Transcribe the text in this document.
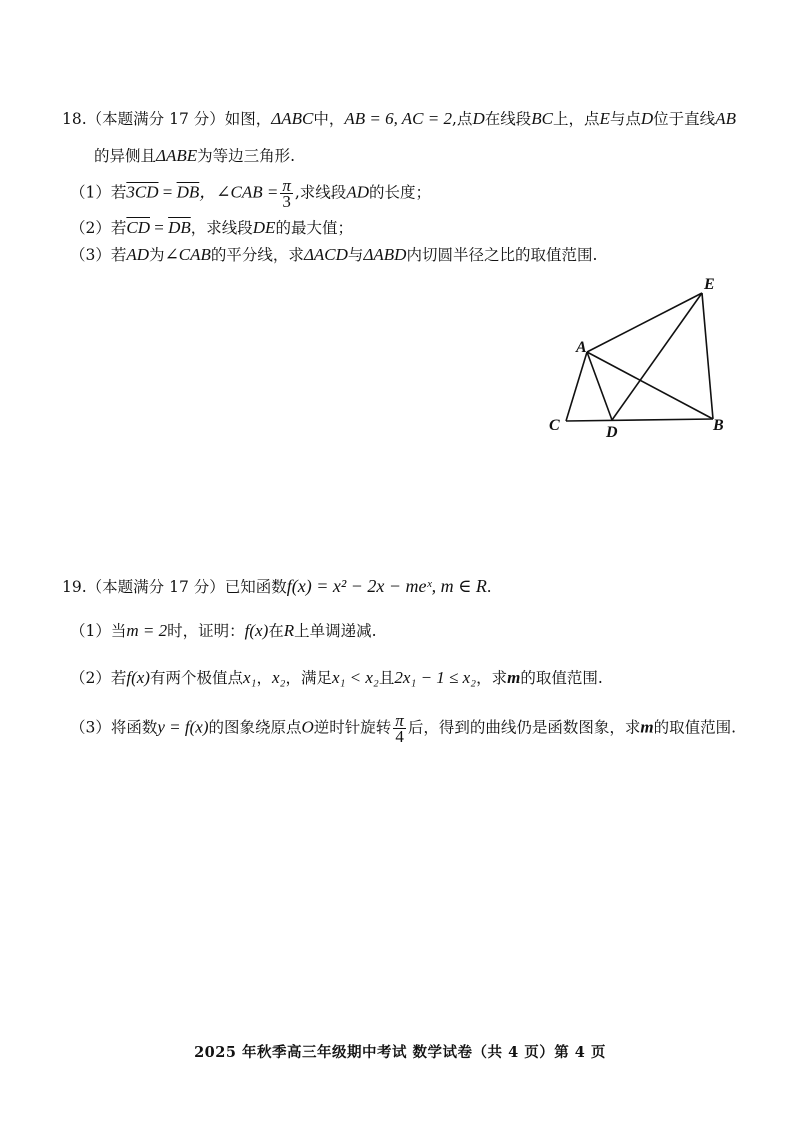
18.（本题满分 17 分）如图，ΔABC中，AB = 6, AC = 2,点D在线段BC上，点E与点D位于直线AB
的异侧且ΔABE为等边三角形.
（1）若$3CD = \overline{DB}$，∠CAB = $\frac{\pi}{3}$ ,求线段AD的长度；
（2）若$\overline{CD} = \overline{DB}$，求线段DE的最大值；
（3）若AD为∠CAB的平分线，求ΔACD与ΔABD内切圆半径之比的取值范围.
A
E
C	D	B
19.（本题满分 17 分）已知函数f(x) = x² − 2x − meˣ, m ∈ R.
（1）当m = 2时，证明：f(x)在R上单调递减.
（2）若f(x)有两个极值点x₁，x₂，满足x₁ < x₂且2x₁ − 1 ≤ x₂，求m的取值范围.
（3）将函数y = f(x)的图象绕原点O逆时针旋转 $\frac{\pi}{4}$ 后，得到的曲线仍是函数图象，求m的取值范围.
2025 年秋季高三年级期中考试 数学试卷（共 4 页）第 4 页
